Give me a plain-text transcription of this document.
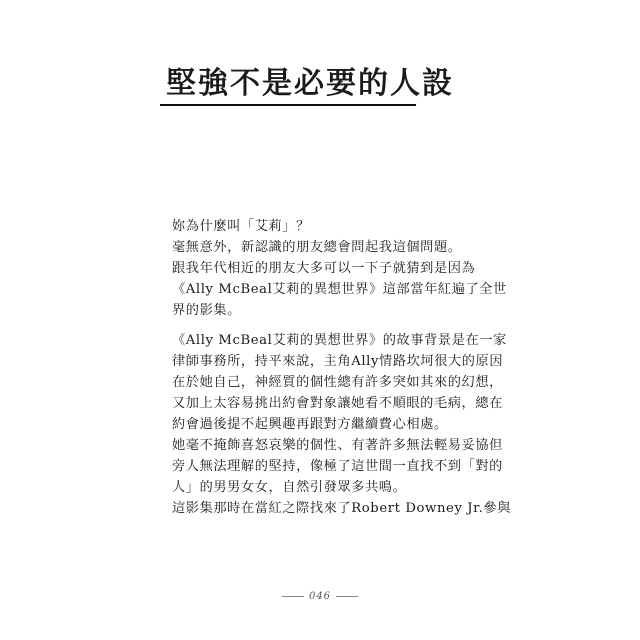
堅強不是必要的人設
妳為什麼叫「艾莉」？
毫無意外，新認識的朋友總會問起我這個問題。
跟我年代相近的朋友大多可以一下子就猜到是因為
《Ally McBeal艾莉的異想世界》這部當年紅遍了全世
界的影集。
《Ally McBeal艾莉的異想世界》的故事背景是在一家
律師事務所，持平來說，主角Ally情路坎坷很大的原因
在於她自己，神經質的個性總有許多突如其來的幻想，
又加上太容易挑出約會對象讓她看不順眼的毛病，總在
約會過後提不起興趣再跟對方繼續費心相處。
她毫不掩飾喜怒哀樂的個性、有著許多無法輕易妥協但
旁人無法理解的堅持，像極了這世間一直找不到「對的
人」的男男女女，自然引發眾多共鳴。
這影集那時在當紅之際找來了Robert Downey Jr.參與
046
